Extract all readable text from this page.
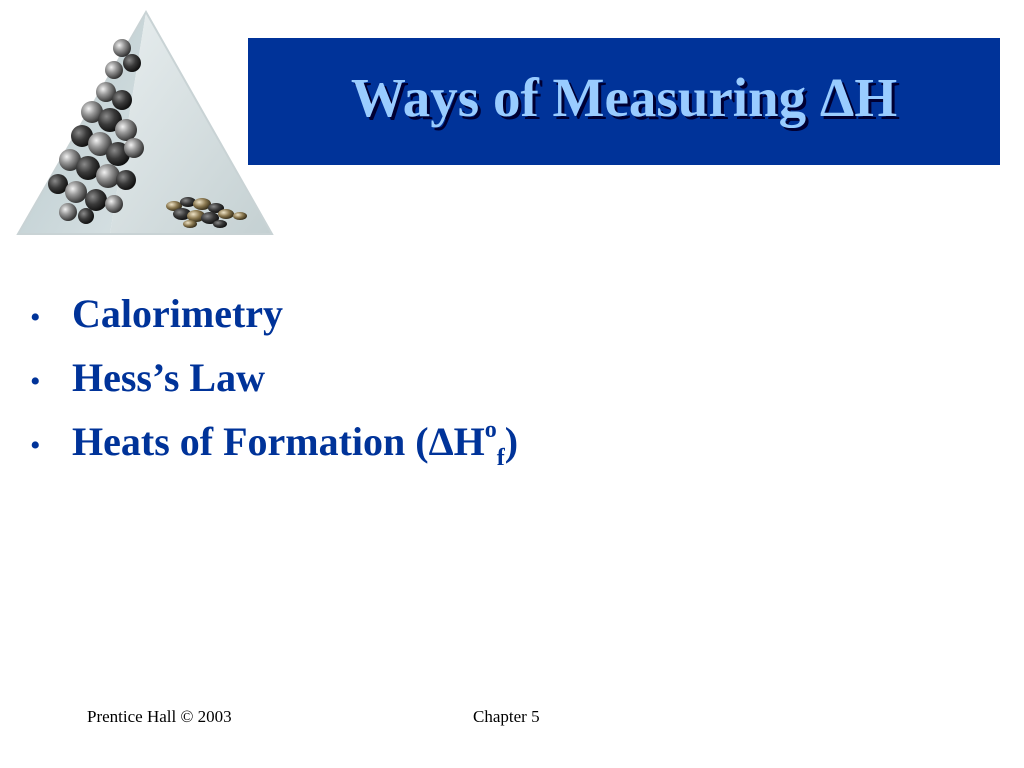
Ways of Measuring ΔH
• Calorimetry
• Hess’s Law
• Heats of Formation $(\Delta H^o_f)$
Prentice Hall © 2003	Chapter 5
